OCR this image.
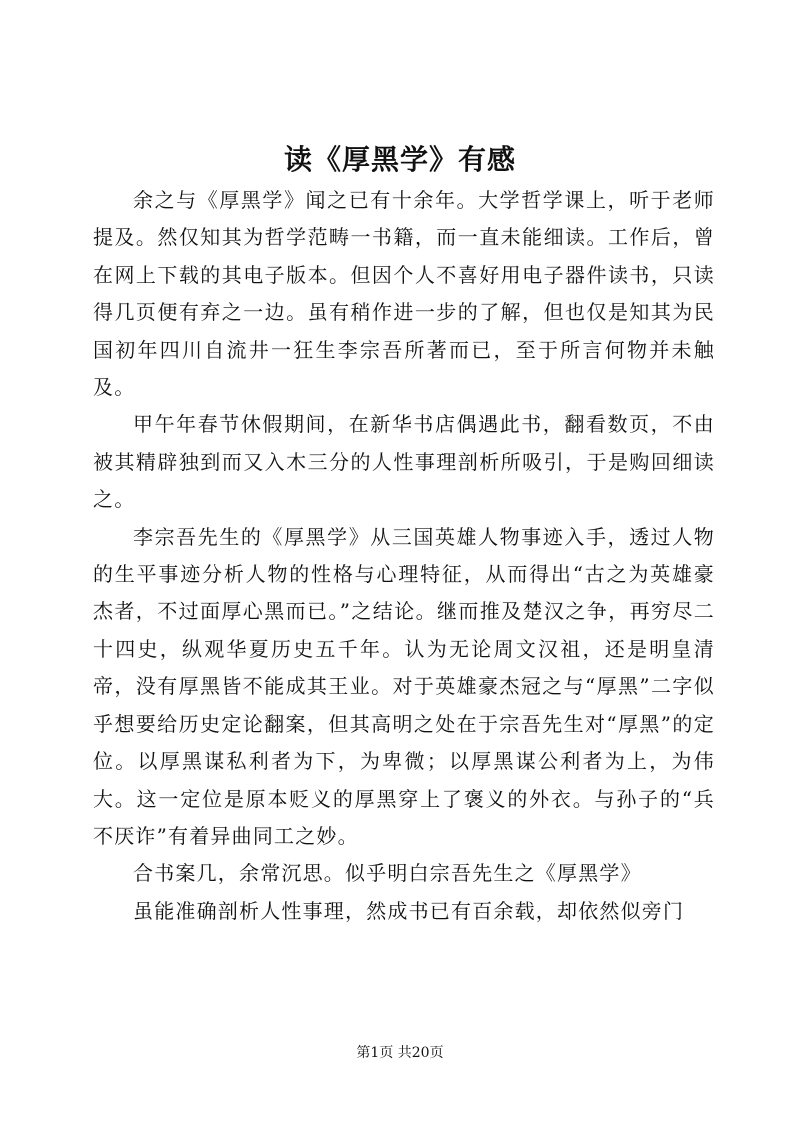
读《厚黑学》有感

余之与《厚黑学》闻之已有十余年。大学哲学课上，听于老师提及。然仅知其为哲学范畴一书籍，而一直未能细读。工作后，曾在网上下载的其电子版本。但因个人不喜好用电子器件读书，只读得几页便有弃之一边。虽有稍作进一步的了解，但也仅是知其为民国初年四川自流井一狂生李宗吾所著而已，至于所言何物并未触及。

甲午年春节休假期间，在新华书店偶遇此书，翻看数页，不由被其精辟独到而又入木三分的人性事理剖析所吸引，于是购回细读之。

李宗吾先生的《厚黑学》从三国英雄人物事迹入手，透过人物的生平事迹分析人物的性格与心理特征，从而得出“古之为英雄豪杰者，不过面厚心黑而已。”之结论。继而推及楚汉之争，再穷尽二十四史，纵观华夏历史五千年。认为无论周文汉祖，还是明皇清帝，没有厚黑皆不能成其王业。对于英雄豪杰冠之与“厚黑”二字似乎想要给历史定论翻案，但其高明之处在于宗吾先生对“厚黑”的定位。以厚黑谋私利者为下，为卑微；以厚黑谋公利者为上，为伟大。这一定位是原本贬义的厚黑穿上了褒义的外衣。与孙子的“兵不厌诈”有着异曲同工之妙。

合书案几，余常沉思。似乎明白宗吾先生之《厚黑学》

虽能准确剖析人性事理，然成书已有百余载，却依然似旁门

第1页 共20页
